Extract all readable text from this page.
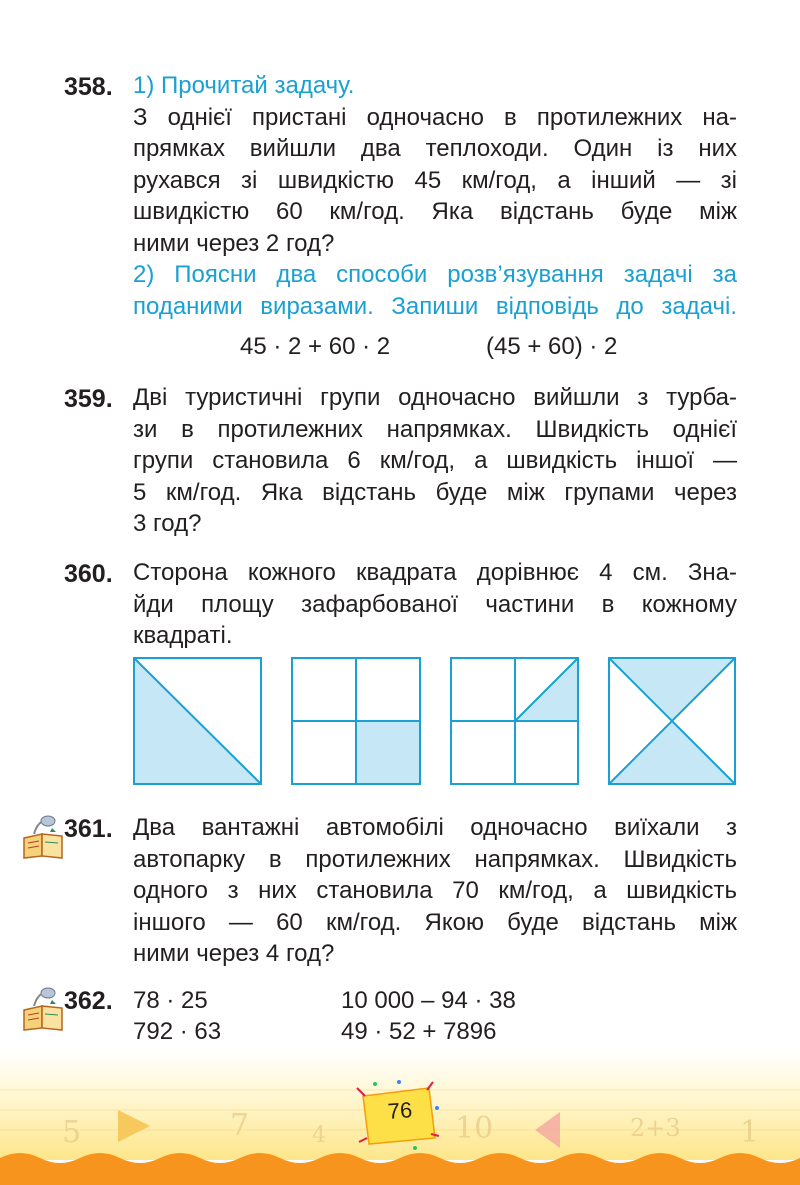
358. 1) Прочитай задачу.
З однієї пристані одночасно в протилежних на-
прямках вийшли два теплоходи. Один із них
рухався зі швидкістю 45 км/год, а інший — зі
швидкістю 60 км/год. Яка відстань буде між
ними через 2 год?
2) Поясни два способи розв’язування задачі за
поданими виразами. Запиши відповідь до задачі.
45 · 2 + 60 · 2	(45 + 60) · 2
359. Дві туристичні групи одночасно вийшли з турба-
зи в протилежних напрямках. Швидкість однієї
групи становила 6 км/год, а швидкість іншої —
5 км/год. Яка відстань буде між групами через
3 год?
360. Сторона кожного квадрата дорівнює 4 см. Зна-
йди площу зафарбованої частини в кожному
квадраті.
361. Два вантажні автомобілі одночасно виїхали з
автопарку в протилежних напрямках. Швидкість
одного з них становила 70 км/год, а швидкість
іншого — 60 км/год. Якою буде відстань між
ними через 4 год?
362. 78 · 25	10 000 – 94 · 38
792 · 63	49 · 52 + 7896
5	7	4	10	2+3 1
76
